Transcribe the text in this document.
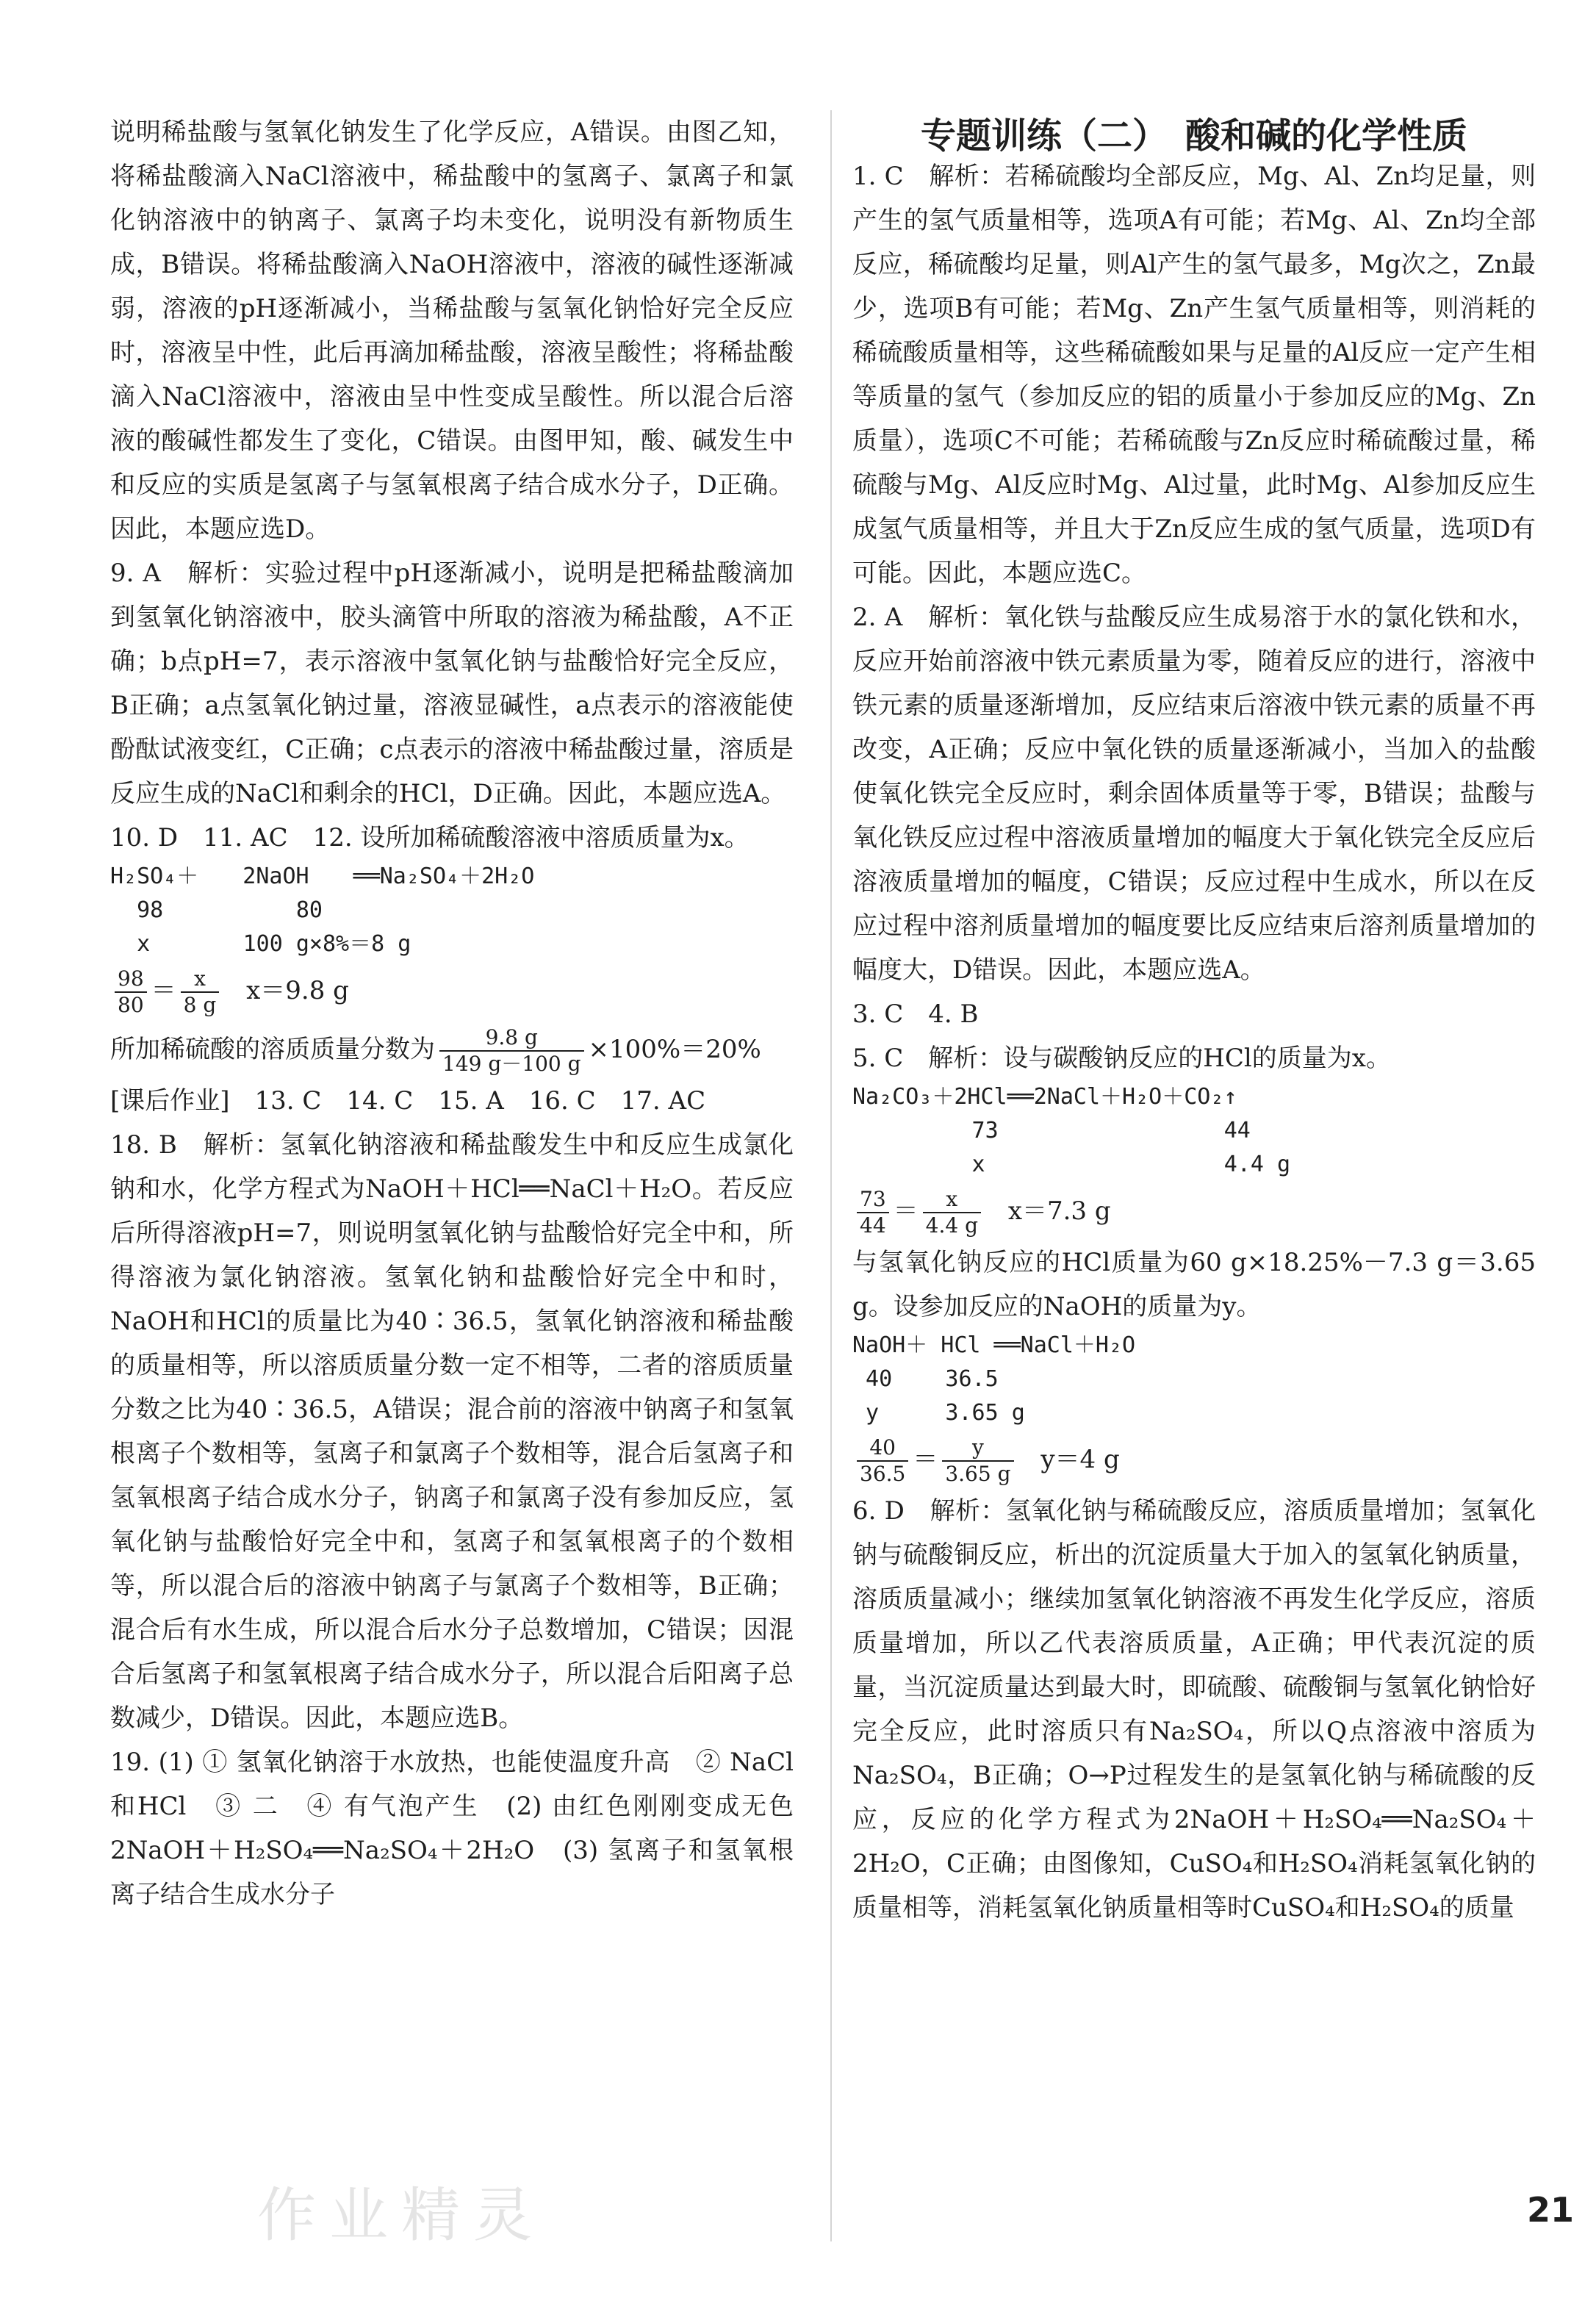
说明稀盐酸与氢氧化钠发生了化学反应，A错误。由图乙知，将稀盐酸滴入NaCl溶液中，稀盐酸中的氢离子、氯离子和氯化钠溶液中的钠离子、氯离子均未变化，说明没有新物质生成，B错误。将稀盐酸滴入NaOH溶液中，溶液的碱性逐渐减弱，溶液的pH逐渐减小，当稀盐酸与氢氧化钠恰好完全反应时，溶液呈中性，此后再滴加稀盐酸，溶液呈酸性；将稀盐酸滴入NaCl溶液中，溶液由呈中性变成呈酸性。所以混合后溶液的酸碱性都发生了变化，C错误。由图甲知，酸、碱发生中和反应的实质是氢离子与氢氧根离子结合成水分子，D正确。因此，本题应选D。

9. A　解析：实验过程中pH逐渐减小，说明是把稀盐酸滴加到氢氧化钠溶液中，胶头滴管中所取的溶液为稀盐酸，A不正确；b点pH=7，表示溶液中氢氧化钠与盐酸恰好完全反应，B正确；a点氢氧化钠过量，溶液显碱性，a点表示的溶液能使酚酞试液变红，C正确；c点表示的溶液中稀盐酸过量，溶质是反应生成的NaCl和剩余的HCl，D正确。因此，本题应选A。

10. D　11. AC　12. 设所加稀硫酸溶液中溶质质量为x。

H₂SO₄＋　　2NaOH　　══Na₂SO₄＋2H₂O

98          80

x       100 g×8%＝8 g

$\frac{98}{80} = \frac{x}{8 g} x=9.8$ g
所加稀硫酸的溶质质量分数为 $\frac{9.8 g}{149 g-100 g} \times 100\%=20\%$

[课后作业]　13. C　14. C　15. A　16. C　17. AC

18. B　解析：氢氧化钠溶液和稀盐酸发生中和反应生成氯化钠和水，化学方程式为NaOH＋HCl══NaCl＋H₂O。若反应后所得溶液pH=7，则说明氢氧化钠与盐酸恰好完全中和，所得溶液为氯化钠溶液。氢氧化钠和盐酸恰好完全中和时，NaOH和HCl的质量比为40∶36.5，氢氧化钠溶液和稀盐酸的质量相等，所以溶质质量分数一定不相等，二者的溶质质量分数之比为40∶36.5，A错误；混合前的溶液中钠离子和氢氧根离子个数相等，氢离子和氯离子个数相等，混合后氢离子和氢氧根离子结合成水分子，钠离子和氯离子没有参加反应，氢氧化钠与盐酸恰好完全中和，氢离子和氢氧根离子的个数相等，所以混合后的溶液中钠离子与氯离子个数相等，B正确；混合后有水生成，所以混合后水分子总数增加，C错误；因混合后氢离子和氢氧根离子结合成水分子，所以混合后阳离子总数减少，D错误。因此，本题应选B。

19. (1) ① 氢氧化钠溶于水放热，也能使温度升高　② NaCl和HCl　③ 二　④ 有气泡产生　(2) 由红色刚刚变成无色　2NaOH＋H₂SO₄══Na₂SO₄＋2H₂O　(3) 氢离子和氢氧根离子结合生成水分子

专题训练（二）　酸和碱的化学性质

1. C　解析：若稀硫酸均全部反应，Mg、Al、Zn均足量，则产生的氢气质量相等，选项A有可能；若Mg、Al、Zn均全部反应，稀硫酸均足量，则Al产生的氢气最多，Mg次之，Zn最少，选项B有可能；若Mg、Zn产生氢气质量相等，则消耗的稀硫酸质量相等，这些稀硫酸如果与足量的Al反应一定产生相等质量的氢气（参加反应的铝的质量小于参加反应的Mg、Zn质量），选项C不可能；若稀硫酸与Zn反应时稀硫酸过量，稀硫酸与Mg、Al反应时Mg、Al过量，此时Mg、Al参加反应生成氢气质量相等，并且大于Zn反应生成的氢气质量，选项D有可能。因此，本题应选C。

2. A　解析：氧化铁与盐酸反应生成易溶于水的氯化铁和水，反应开始前溶液中铁元素质量为零，随着反应的进行，溶液中铁元素的质量逐渐增加，反应结束后溶液中铁元素的质量不再改变，A正确；反应中氧化铁的质量逐渐减小，当加入的盐酸使氧化铁完全反应时，剩余固体质量等于零，B错误；盐酸与氧化铁反应过程中溶液质量增加的幅度大于氧化铁完全反应后溶液质量增加的幅度，C错误；反应过程中生成水，所以在反应过程中溶剂质量增加的幅度要比反应结束后溶剂质量增加的幅度大，D错误。因此，本题应选A。

3. C　4. B

5. C　解析：设与碳酸钠反应的HCl的质量为x。

Na₂CO₃＋2HCl══2NaCl＋H₂O＋CO₂↑

73                 44

x                  4.4 g

$\frac{73}{44} = \frac{x}{4.4 g} x=7.3$ g

与氢氧化钠反应的HCl质量为60 g×18.25%－7.3 g＝3.65 g。设参加反应的NaOH的质量为y。

NaOH＋ HCl ══NaCl＋H₂O

40    36.5

y     3.65 g

$\frac{40}{36.5} = \frac{y}{3.65 g} y=4$ g

6. D　解析：氢氧化钠与稀硫酸反应，溶质质量增加；氢氧化钠与硫酸铜反应，析出的沉淀质量大于加入的氢氧化钠质量，溶质质量减小；继续加氢氧化钠溶液不再发生化学反应，溶质质量增加，所以乙代表溶质质量，A正确；甲代表沉淀的质量，当沉淀质量达到最大时，即硫酸、硫酸铜与氢氧化钠恰好完全反应，此时溶质只有Na₂SO₄，所以Q点溶液中溶质为Na₂SO₄，B正确；O→P过程发生的是氢氧化钠与稀硫酸的反应，反应的化学方程式为2NaOH＋H₂SO₄══Na₂SO₄＋2H₂O，C正确；由图像知，CuSO₄和H₂SO₄消耗氢氧化钠的质量相等，消耗氢氧化钠质量相等时CuSO₄和H₂SO₄的质量

作业精灵	21
